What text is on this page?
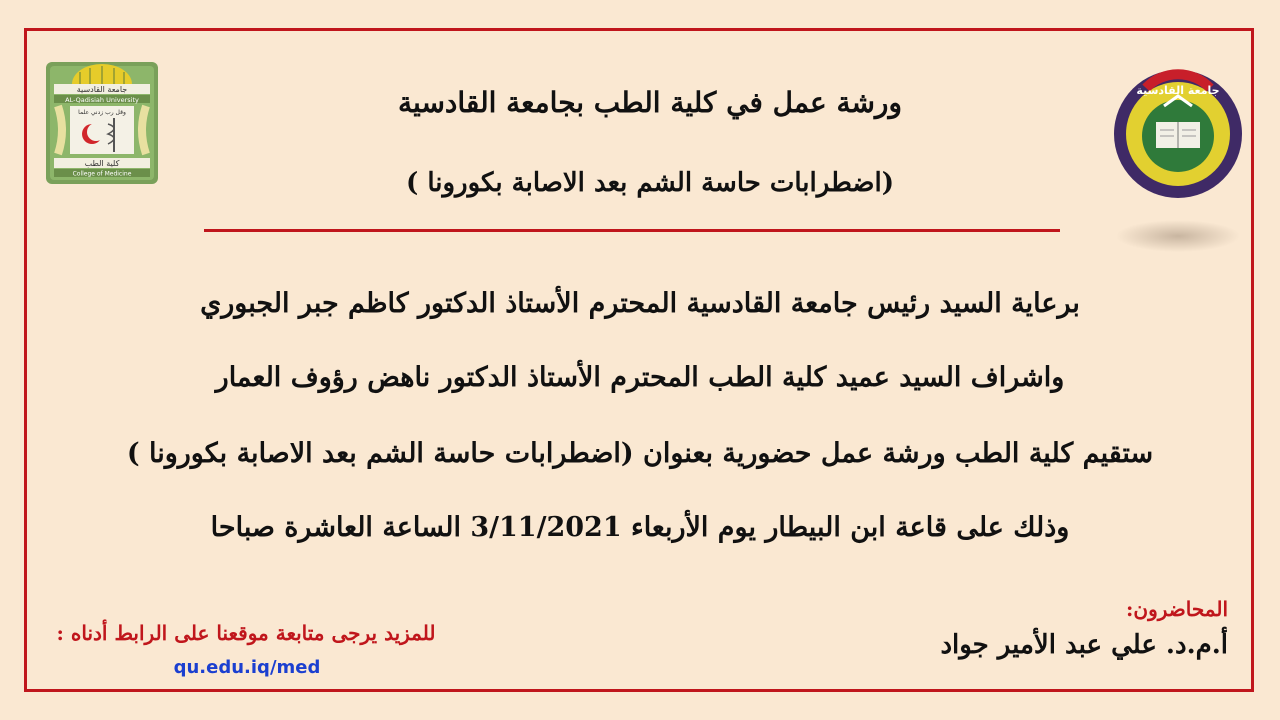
جامعة القادسية
AL-Qadisiah University
وقل رب زدني علما
كلية الطب
College of Medicine
جامعة القادسية
ورشة عمل في كلية الطب بجامعة القادسية
(اضطرابات حاسة الشم بعد الاصابة بكورونا )
برعاية السيد رئيس جامعة القادسية المحترم الأستاذ الدكتور كاظم جبر الجبوري
واشراف السيد عميد كلية الطب المحترم الأستاذ الدكتور ناهض رؤوف العمار
ستقيم كلية الطب ورشة عمل حضورية بعنوان (اضطرابات حاسة الشم بعد الاصابة بكورونا )
وذلك على قاعة ابن البيطار يوم الأربعاء 3/11/2021 الساعة العاشرة صباحا
المحاضرون:
أ.م.د. علي عبد الأمير جواد
للمزيد يرجى متابعة موقعنا على الرابط أدناه :
qu.edu.iq/med
